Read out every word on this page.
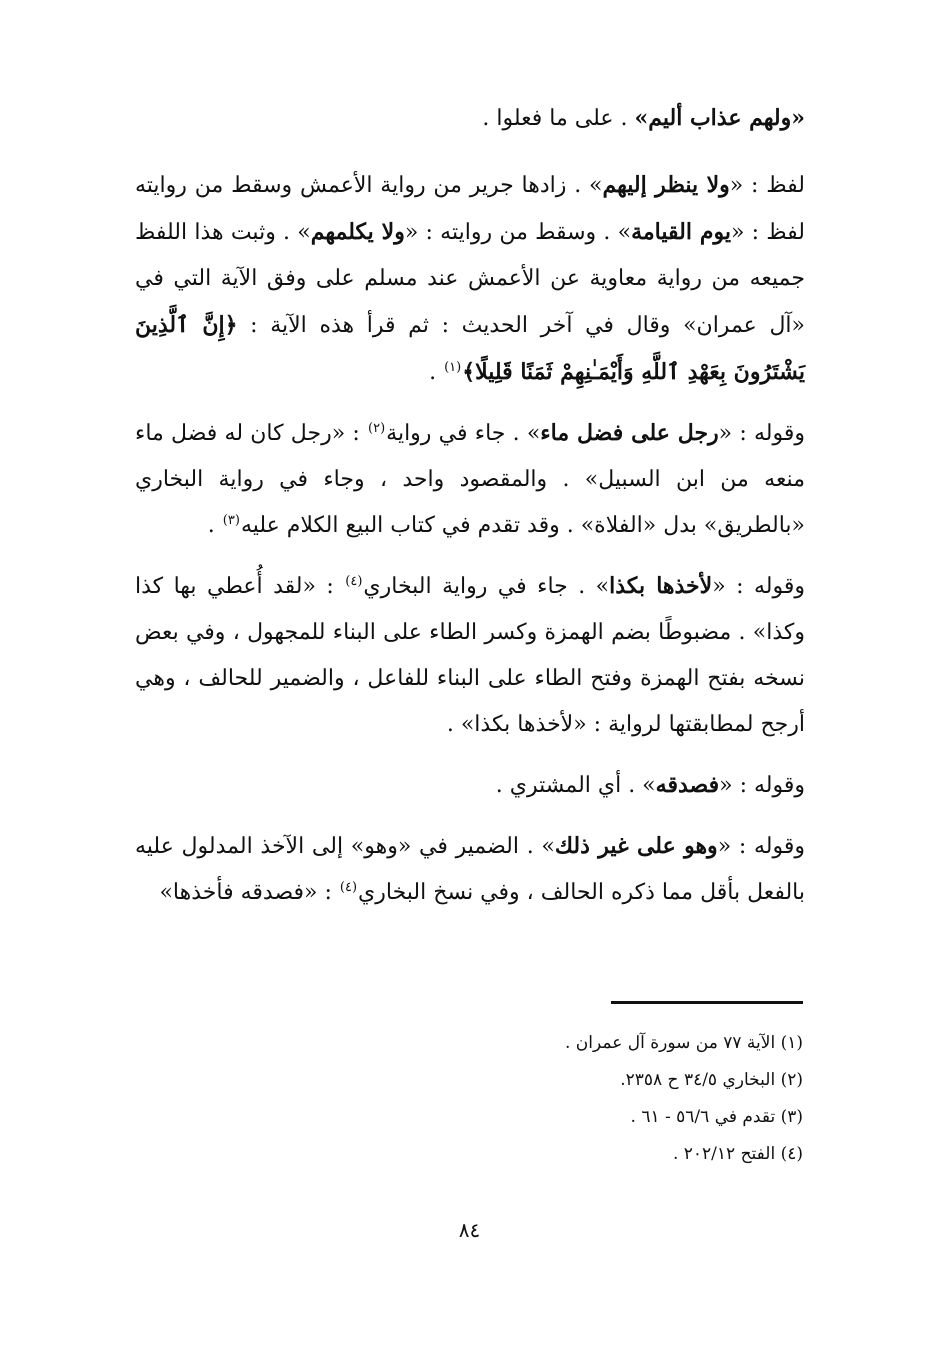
«ولهم عذاب أليم» . على ما فعلوا .

لفظ : «ولا ينظر إليهم» . زادها جرير من رواية الأعمش وسقط من روايته لفظ : «يوم القيامة» . وسقط من روايته : «ولا يكلمهم» . وثبت هذا اللفظ جميعه من رواية معاوية عن الأعمش عند مسلم على وفق الآية التي في «آل عمران» وقال في آخر الحديث : ثم قرأ هذه الآية : ﴿إِنَّ ٱلَّذِينَ يَشْتَرُونَ بِعَهْدِ ٱللَّهِ وَأَيْمَـٰنِهِمْ ثَمَنًا قَلِيلًا﴾$^{(١)}$ .

وقوله : «رجل على فضل ماء» . جاء في رواية$^{(٢)}$ : «رجل كان له فضل ماء منعه من ابن السبيل» . والمقصود واحد ، وجاء في رواية البخاري «بالطريق» بدل «الفلاة» . وقد تقدم في كتاب البيع الكلام عليه$^{(٣)}$ .

وقوله : «لأخذها بكذا» . جاء في رواية البخاري$^{(٤)}$ : «لقد أُعطي بها كذا وكذا» . مضبوطًا بضم الهمزة وكسر الطاء على البناء للمجهول ، وفي بعض نسخه بفتح الهمزة وفتح الطاء على البناء للفاعل ، والضمير للحالف ، وهي أرجح لمطابقتها لرواية : «لأخذها بكذا» .

وقوله : «فصدقه» . أي المشتري .

وقوله : «وهو على غير ذلك» . الضمير في «وهو» إلى الآخذ المدلول عليه بالفعل بأقل مما ذكره الحالف ، وفي نسخ البخاري$^{(٤)}$ : «فصدقه فأخذها»

(١) الآية ٧٧ من سورة آل عمران .

(٢) البخاري ٣٤/٥ ح ٢٣٥٨.

(٣) تقدم في ٥٦/٦ - ٦١ .

(٤) الفتح ٢٠٢/١٢ .

٨٤
